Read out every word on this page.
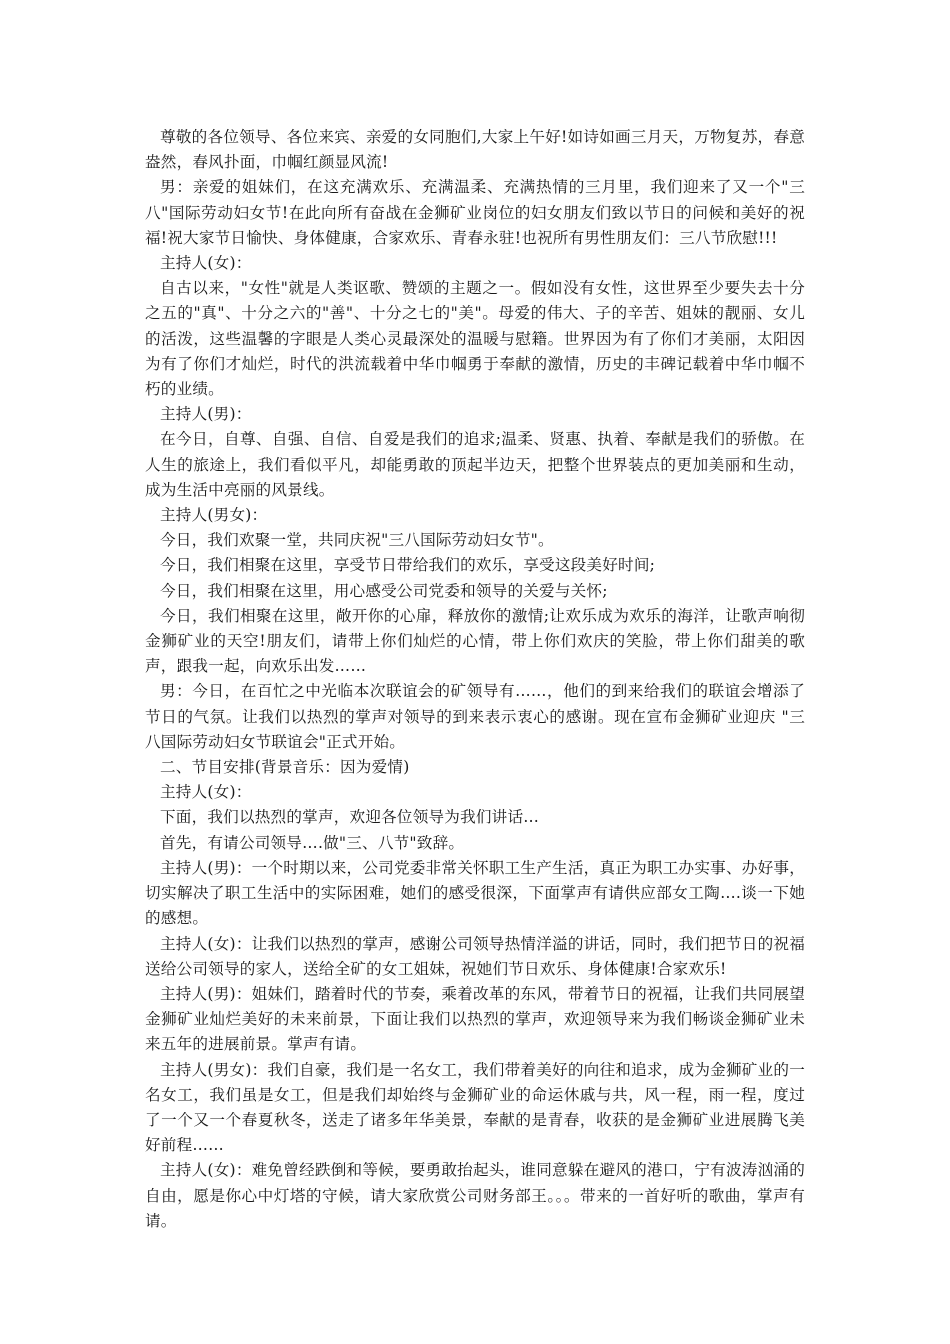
尊敬的各位领导、各位来宾、亲爱的女同胞们,大家上午好!如诗如画三月天，万物复苏，春意盎然，春风扑面，巾帼红颜显风流!

男：亲爱的姐妹们，在这充满欢乐、充满温柔、充满热情的三月里，我们迎来了又一个"三八"国际劳动妇女节!在此向所有奋战在金狮矿业岗位的妇女朋友们致以节日的问候和美好的祝福!祝大家节日愉快、身体健康，合家欢乐、青春永驻!也祝所有男性朋友们：三八节欣慰!!!

主持人(女)：

自古以来，"女性"就是人类讴歌、赞颂的主题之一。假如没有女性，这世界至少要失去十分之五的"真"、十分之六的"善"、十分之七的"美"。母爱的伟大、子的辛苦、姐妹的靓丽、女儿的活泼，这些温馨的字眼是人类心灵最深处的温暖与慰籍。世界因为有了你们才美丽，太阳因为有了你们才灿烂，时代的洪流载着中华巾帼勇于奉献的激情，历史的丰碑记载着中华巾帼不朽的业绩。

主持人(男)：

在今日，自尊、自强、自信、自爱是我们的追求;温柔、贤惠、执着、奉献是我们的骄傲。在人生的旅途上，我们看似平凡，却能勇敢的顶起半边天，把整个世界装点的更加美丽和生动，成为生活中亮丽的风景线。

主持人(男女)：

今日，我们欢聚一堂，共同庆祝"三八国际劳动妇女节"。

今日，我们相聚在这里，享受节日带给我们的欢乐，享受这段美好时间;

今日，我们相聚在这里，用心感受公司党委和领导的关爱与关怀;

今日，我们相聚在这里，敞开你的心扉，释放你的激情;让欢乐成为欢乐的海洋，让歌声响彻金狮矿业的天空!朋友们，请带上你们灿烂的心情，带上你们欢庆的笑脸，带上你们甜美的歌声，跟我一起，向欢乐出发……

男：今日，在百忙之中光临本次联谊会的矿领导有……，他们的到来给我们的联谊会增添了节日的气氛。让我们以热烈的掌声对领导的到来表示衷心的感谢。现在宣布金狮矿业迎庆 "三八国际劳动妇女节联谊会"正式开始。

二、节目安排(背景音乐：因为爱情)

主持人(女)：

下面，我们以热烈的掌声，欢迎各位领导为我们讲话…

首先，有请公司领导….做"三、八节"致辞。

主持人(男)：一个时期以来，公司党委非常关怀职工生产生活，真正为职工办实事、办好事，切实解决了职工生活中的实际困难，她们的感受很深，下面掌声有请供应部女工陶….谈一下她的感想。

主持人(女)：让我们以热烈的掌声，感谢公司领导热情洋溢的讲话，同时，我们把节日的祝福送给公司领导的家人，送给全矿的女工姐妹，祝她们节日欢乐、身体健康!合家欢乐!

主持人(男)：姐妹们，踏着时代的节奏，乘着改革的东风，带着节日的祝福，让我们共同展望金狮矿业灿烂美好的未来前景，下面让我们以热烈的掌声，欢迎领导来为我们畅谈金狮矿业未来五年的进展前景。掌声有请。

主持人(男女)：我们自豪，我们是一名女工，我们带着美好的向往和追求，成为金狮矿业的一名女工，我们虽是女工，但是我们却始终与金狮矿业的命运休戚与共，风一程，雨一程，度过了一个又一个春夏秋冬，送走了诸多年华美景，奉献的是青春，收获的是金狮矿业进展腾飞美好前程……

主持人(女)：难免曾经跌倒和等候，要勇敢抬起头，谁同意躲在避风的港口，宁有波涛汹涌的自由，愿是你心中灯塔的守候，请大家欣赏公司财务部王。。。带来的一首好听的歌曲，掌声有请。
